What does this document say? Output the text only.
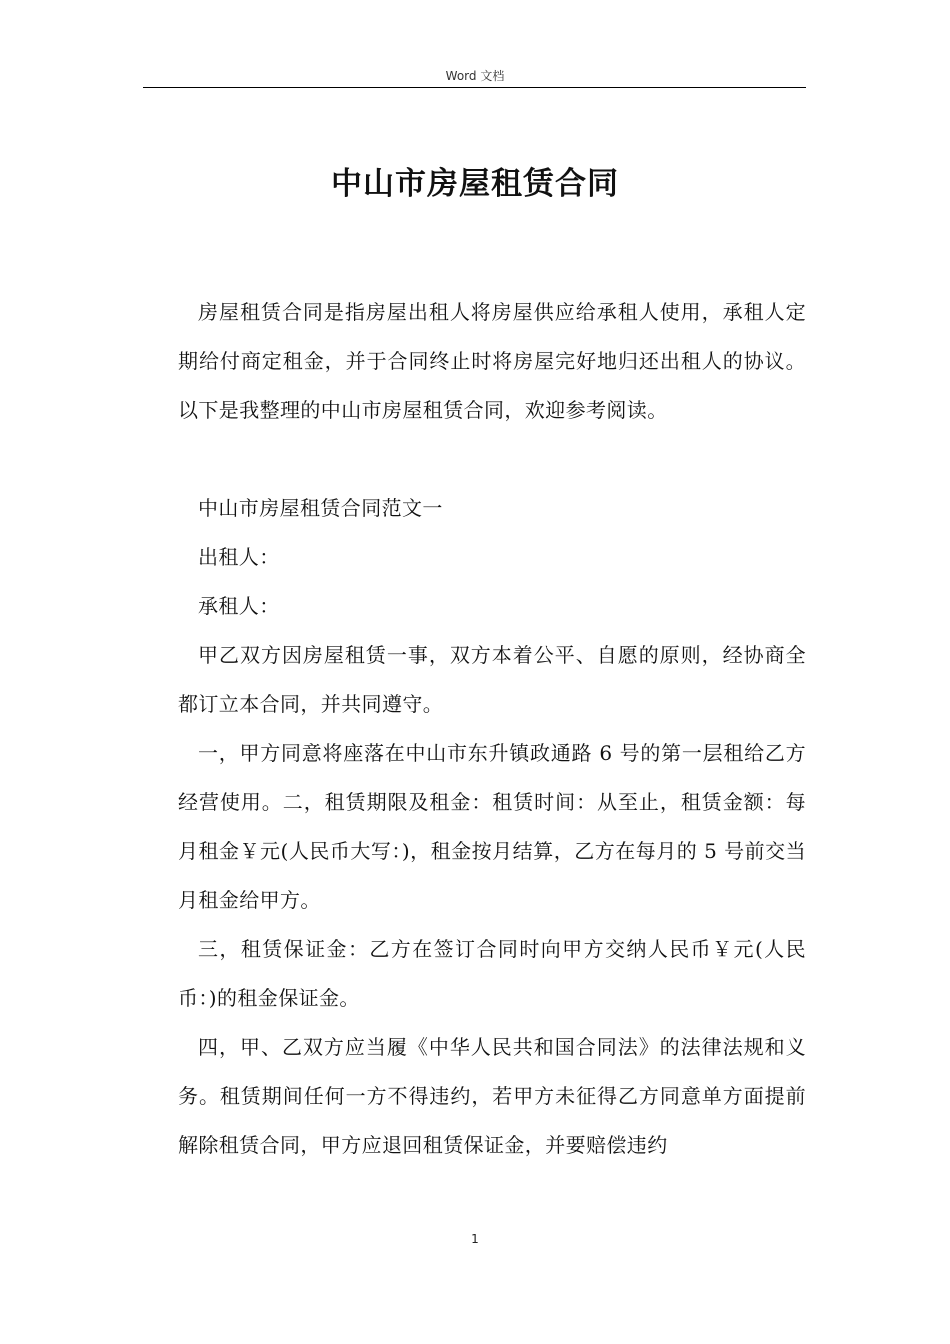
Word 文档
中山市房屋租赁合同

房屋租赁合同是指房屋出租人将房屋供应给承租人使用，承租人定期给付商定租金，并于合同终止时将房屋完好地归还出租人的协议。以下是我整理的中山市房屋租赁合同，欢迎参考阅读。

中山市房屋租赁合同范文一

出租人：

承租人：

甲乙双方因房屋租赁一事，双方本着公平、自愿的原则，经协商全都订立本合同，并共同遵守。

一，甲方同意将座落在中山市东升镇政通路 6 号的第一层租给乙方经营使用。二，租赁期限及租金：租赁时间：从至止，租赁金额：每月租金￥元(人民币大写：)，租金按月结算，乙方在每月的 5 号前交当月租金给甲方。

三，租赁保证金：乙方在签订合同时向甲方交纳人民币￥元(人民币：)的租金保证金。

四，甲、乙双方应当履《中华人民共和国合同法》的法律法规和义务。租赁期间任何一方不得违约，若甲方未征得乙方同意单方面提前解除租赁合同，甲方应退回租赁保证金，并要赔偿违约

1
